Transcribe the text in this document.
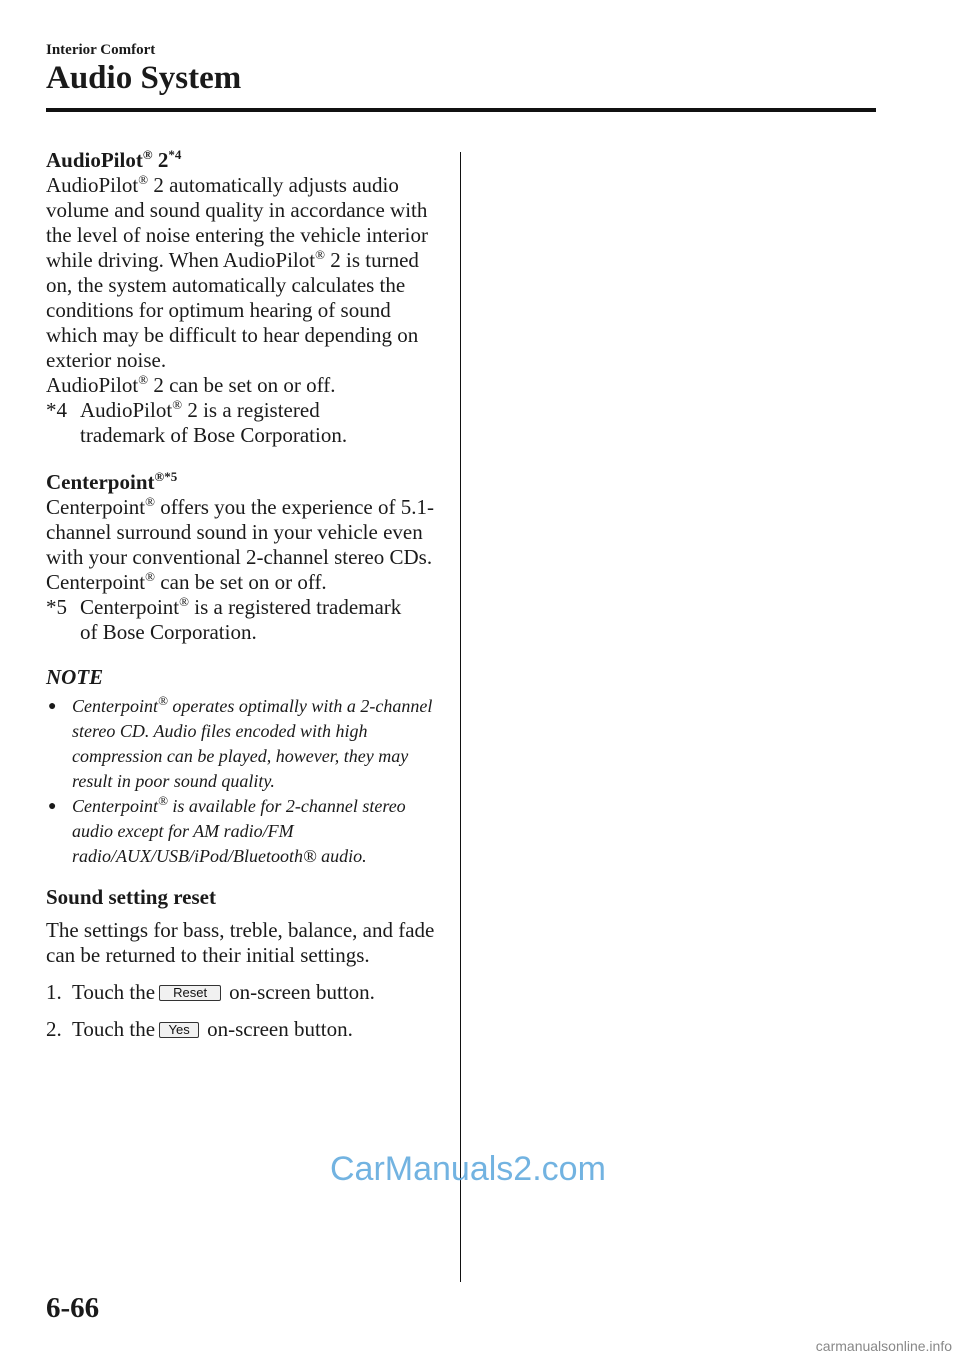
Interior Comfort
Audio System

AudioPilot® 2$^{*4}$

AudioPilot® 2 automatically adjusts audio volume and sound quality in accordance with the level of noise entering the vehicle interior while driving. When AudioPilot® 2 is turned on, the system automatically calculates the conditions for optimum hearing of sound which may be difficult to hear depending on exterior noise.

AudioPilot® 2 can be set on or off.

*4 AudioPilot® 2 is a registered
trademark of Bose Corporation.

Centerpoint$^{®*5}$

Centerpoint® offers you the experience of 5.1-channel surround sound in your vehicle even with your conventional 2-channel stereo CDs. Centerpoint® can be set on or off.

*5 Centerpoint® is a registered trademark
of Bose Corporation.
NOTE
● Centerpoint® operates optimally with a 2-channel stereo CD. Audio files encoded with high compression can be played, however, they may result in poor sound quality.
● Centerpoint® is available for 2-channel stereo audio except for AM radio/FM radio/AUX/USB/iPod/Bluetooth® audio.

Sound setting reset

The settings for bass, treble, balance, and fade can be returned to their initial settings.

1. Touch the	Reset	on-screen button.
2. Touch the	Yes on-screen button.
CarManuals2.com
6-66
carmanualsonline.info
